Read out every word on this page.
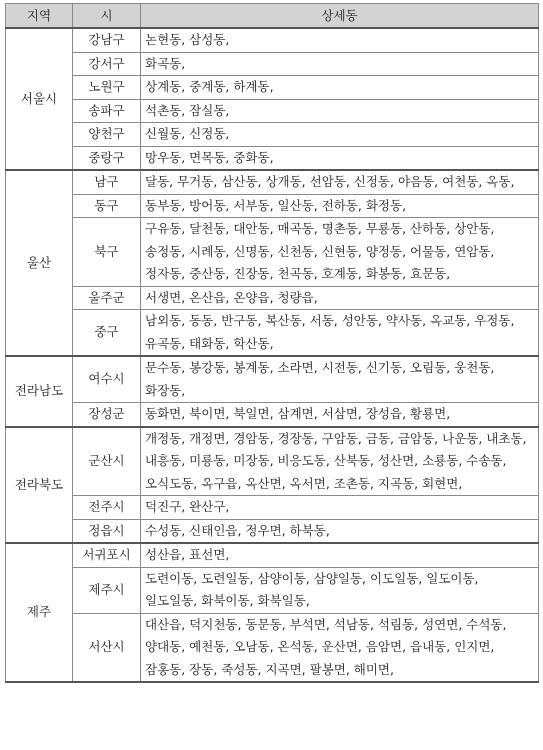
지역	시	상세동
서울시	강남구	논현동, 삼성동,
	강서구	화곡동,
	노원구	상계동, 중계동, 하계동,
	송파구	석촌동, 잠실동,
	양천구	신월동, 신정동,
	중랑구	망우동, 면목동, 중화동,
울산	남구	달동, 무거동, 삼산동, 상개동, 선암동, 신정동, 야음동, 여천동, 옥동,
	동구	동부동, 방어동, 서부동, 일산동, 전하동, 화정동,
	북구	구유동, 달천동, 대안동, 매곡동, 명촌동, 무룡동, 산하동, 상안동, 송정동, 시례동, 신명동, 신천동, 신현동, 양정동, 어물동, 연암동, 정자동, 중산동, 진장동, 천곡동, 호계동, 화봉동, 효문동,
	울주군	서생면, 온산읍, 온양읍, 청량읍,
	중구	남외동, 동동, 반구동, 복산동, 서동, 성안동, 약사동, 옥교동, 우정동, 유곡동, 태화동, 학산동,
전라남도	여수시	문수동, 봉강동, 봉계동, 소라면, 시전동, 신기동, 오림동, 웅천동, 화장동,
	장성군	동화면, 북이면, 북일면, 삼계면, 서삼면, 장성읍, 황룡면,
전라북도	군산시	개정동, 개정면, 경암동, 경장동, 구암동, 금동, 금암동, 나운동, 내초동, 내흥동, 미룡동, 미장동, 비응도동, 산북동, 성산면, 소룡동, 수송동, 오식도동, 옥구읍, 옥산면, 옥서면, 조촌동, 지곡동, 회현면,
	전주시	덕진구, 완산구,
	정읍시	수성동, 신태인읍, 정우면, 하북동,
제주	서귀포시	성산읍, 표선면,
	제주시	도련이동, 도련일동, 삼양이동, 삼양일동, 이도일동, 일도이동, 일도일동, 화북이동, 화북일동,
	서산시	대산읍, 덕지천동, 동문동, 부석면, 석남동, 석림동, 성연면, 수석동, 양대동, 예천동, 오남동, 온석동, 운산면, 음암면, 읍내동, 인지면, 잠홍동, 장동, 죽성동, 지곡면, 팔봉면, 해미면,
